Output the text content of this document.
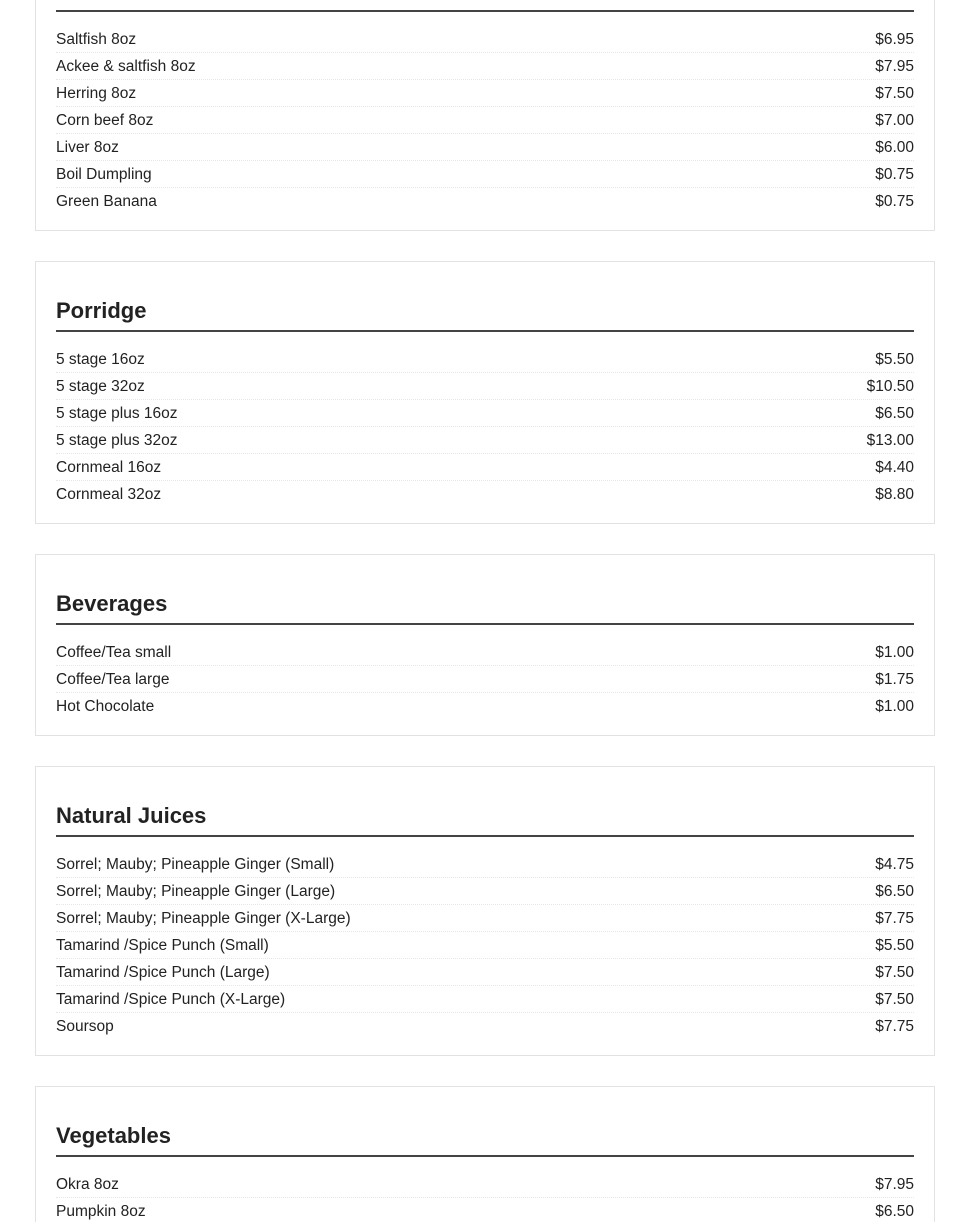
Saltfish 8oz	$6.95
Ackee & saltfish 8oz	$7.95
Herring 8oz	$7.50
Corn beef 8oz	$7.00
Liver 8oz	$6.00
Boil Dumpling	$0.75
Green Banana	$0.75
Porridge
5 stage 16oz	$5.50
5 stage 32oz	$10.50
5 stage plus 16oz	$6.50
5 stage plus 32oz	$13.00
Cornmeal 16oz	$4.40
Cornmeal 32oz	$8.80
Beverages
Coffee/Tea small	$1.00
Coffee/Tea large	$1.75
Hot Chocolate	$1.00
Natural Juices
Sorrel; Mauby; Pineapple Ginger (Small)	$4.75
Sorrel; Mauby; Pineapple Ginger (Large)	$6.50
Sorrel; Mauby; Pineapple Ginger (X-Large)	$7.75
Tamarind /Spice Punch (Small)	$5.50
Tamarind /Spice Punch (Large)	$7.50
Tamarind /Spice Punch (X-Large)	$7.50
Soursop	$7.75
Vegetables
Okra 8oz	$7.95
Pumpkin 8oz	$6.50
